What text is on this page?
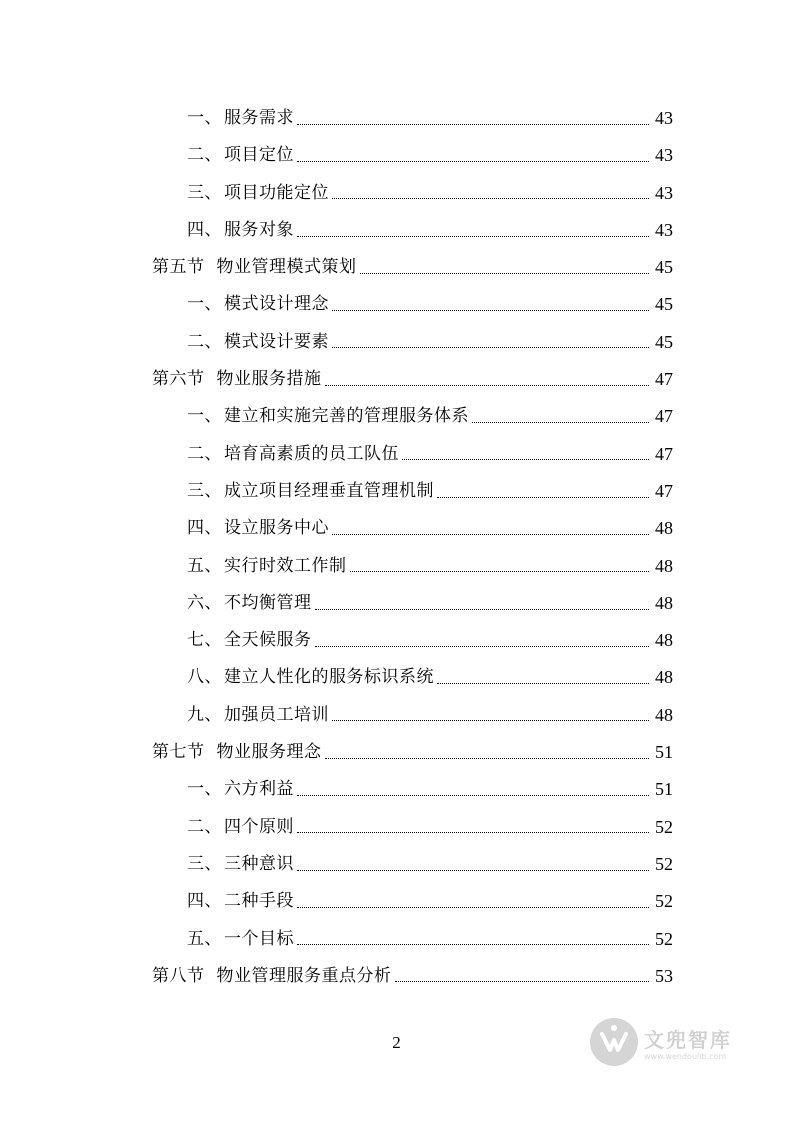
一、 服务需求	43
二、 项目定位	43
三、 项目功能定位	43
四、 服务对象	43
第五节 物业管理模式策划	45
一、 模式设计理念	45
二、 模式设计要素	45
第六节 物业服务措施	47
一、 建立和实施完善的管理服务体系	47
二、 培育高素质的员工队伍	47
三、 成立项目经理垂直管理机制	47
四、 设立服务中心	48
五、 实行时效工作制	48
六、 不均衡管理	48
七、 全天候服务	48
八、 建立人性化的服务标识系统	48
九、 加强员工培训	48
第七节 物业服务理念	51
一、 六方利益	51
二、 四个原则	52
三、 三种意识	52
四、 二种手段	52
五、 一个目标	52
第八节 物业管理服务重点分析	53
2	文兜智库
www.wendoulib.com
